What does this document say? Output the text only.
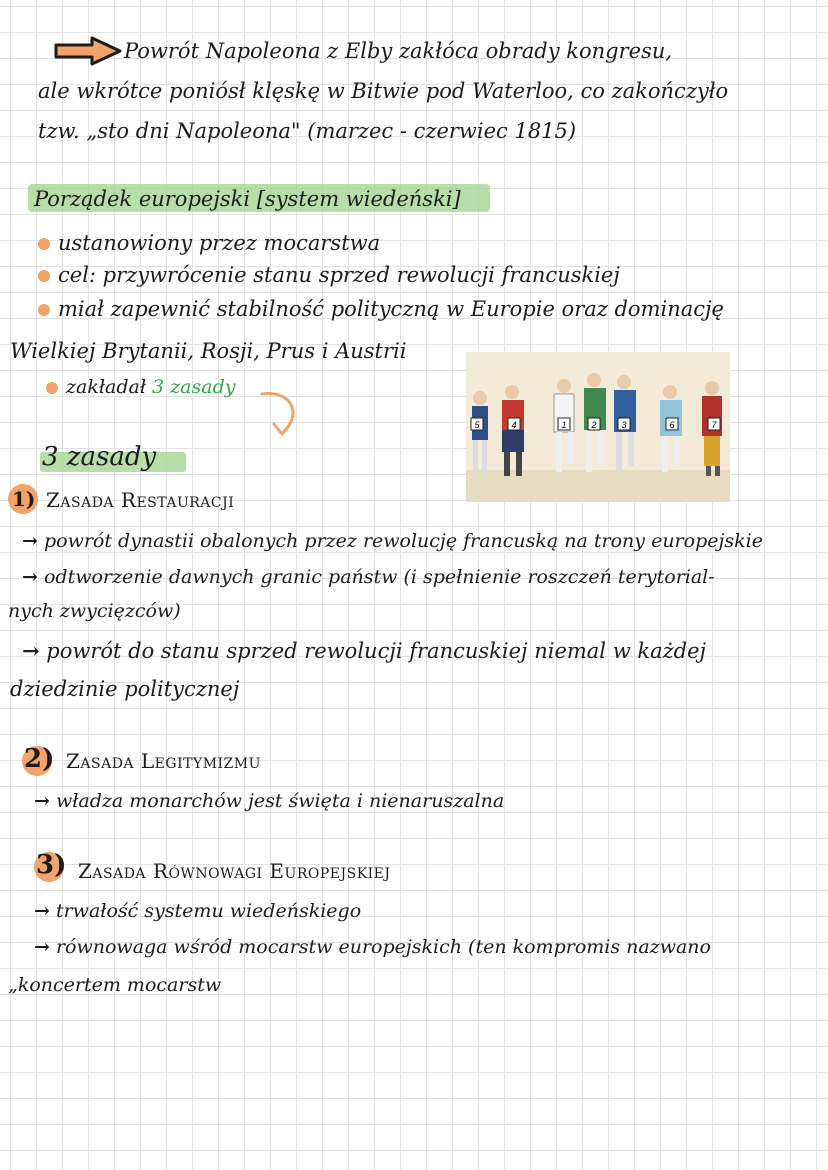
Powrót Napoleona z Elby zakłóca obrady kongresu,
ale wkrótce poniósł klęskę w Bitwie pod Waterloo, co zakończyło
tzw. „sto dni Napoleona" (marzec - czerwiec 1815)
Porządek europejski [system wiedeński]
ustanowiony przez mocarstwa
cel: przywrócenie stanu sprzed rewolucji francuskiej
miał zapewnić stabilność polityczną w Europie oraz dominację
Wielkiej Brytanii, Rosji, Prus i Austrii
zakładał 3 zasady
5	4	1	2	3	6	7
3 zasady
1) Zasada Restauracji
→ powrót dynastii obalonych przez rewolucję francuską na trony europejskie
→ odtworzenie dawnych granic państw (i spełnienie roszczeń terytorial-
nych zwycięzców)
→ powrót do stanu sprzed rewolucji francuskiej niemal w każdej
dziedzinie politycznej
2) Zasada Legitymizmu
→ władza monarchów jest święta i nienaruszalna
3) Zasada Równowagi Europejskiej
→ trwałość systemu wiedeńskiego
→ równowaga wśród mocarstw europejskich (ten kompromis nazwano
„koncertem mocarstw
